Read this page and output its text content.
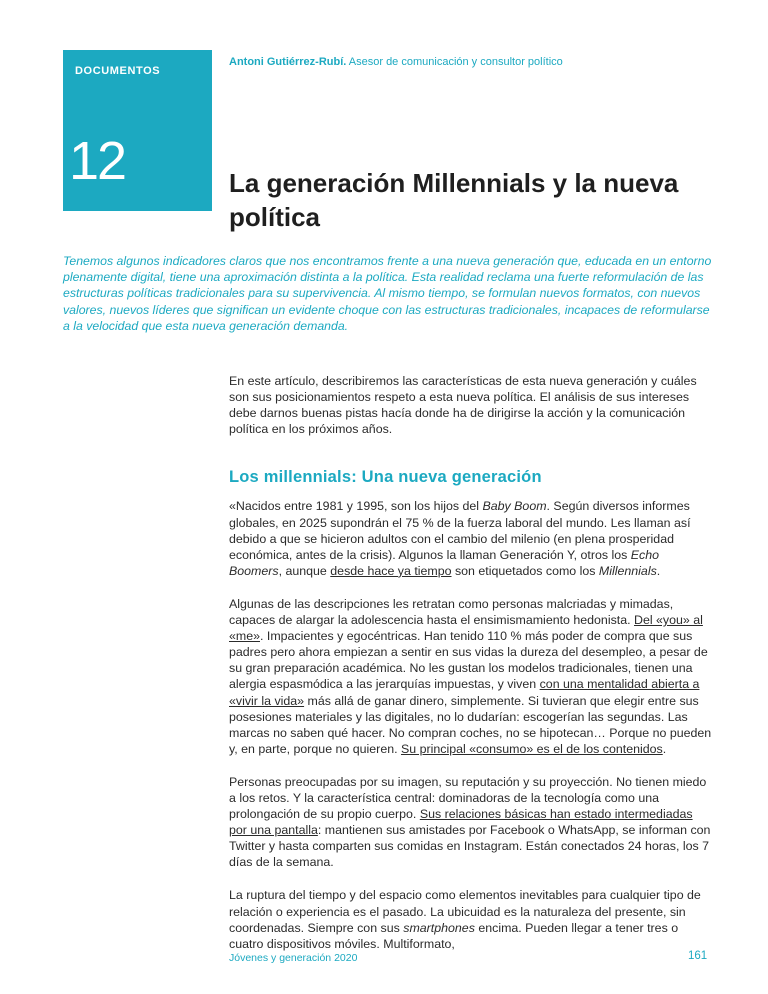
DOCUMENTOS
12
Antoni Gutiérrez-Rubí. Asesor de comunicación y consultor político
La generación Millennials y la nueva política

Tenemos algunos indicadores claros que nos encontramos frente a una nueva generación que, educada en un entorno plenamente digital, tiene una aproximación distinta a la política. Esta realidad reclama una fuerte reformulación de las estructuras políticas tradicionales para su supervivencia. Al mismo tiempo, se formulan nuevos formatos, con nuevos valores, nuevos líderes que significan un evidente choque con las estructuras tradicionales, incapaces de reformularse a la velocidad que esta nueva generación demanda.

En este artículo, describiremos las características de esta nueva generación y cuáles son sus posicionamientos respeto a esta nueva política. El análisis de sus intereses debe darnos buenas pistas hacía donde ha de dirigirse la acción y la comunicación política en los próximos años.

Los millennials: Una nueva generación

«Nacidos entre 1981 y 1995, son los hijos del Baby Boom. Según diversos informes globales, en 2025 supondrán el 75 % de la fuerza laboral del mundo. Les llaman así debido a que se hicieron adultos con el cambio del milenio (en plena prosperidad económica, antes de la crisis). Algunos la llaman Generación Y, otros los Echo Boomers, aunque desde hace ya tiempo son etiquetados como los Millennials.

Algunas de las descripciones les retratan como personas malcriadas y mimadas, capaces de alargar la adolescencia hasta el ensimismamiento hedonista. Del «you» al «me». Impacientes y egocéntricas. Han tenido 110 % más poder de compra que sus padres pero ahora empiezan a sentir en sus vidas la dureza del desempleo, a pesar de su gran preparación académica. No les gustan los modelos tradicionales, tienen una alergia espasmódica a las jerarquías impuestas, y viven con una mentalidad abierta a «vivir la vida» más allá de ganar dinero, simplemente. Si tuvieran que elegir entre sus posesiones materiales y las digitales, no lo dudarían: escogerían las segundas. Las marcas no saben qué hacer. No compran coches, no se hipotecan… Porque no pueden y, en parte, porque no quieren. Su principal «consumo» es el de los contenidos.

Personas preocupadas por su imagen, su reputación y su proyección. No tienen miedo a los retos. Y la característica central: dominadoras de la tecnología como una prolongación de su propio cuerpo. Sus relaciones básicas han estado intermediadas por una pantalla: mantienen sus amistades por Facebook o WhatsApp, se informan con Twitter y hasta comparten sus comidas en Instagram. Están conectados 24 horas, los 7 días de la semana.

La ruptura del tiempo y del espacio como elementos inevitables para cualquier tipo de relación o experiencia es el pasado. La ubicuidad es la naturaleza del presente, sin coordenadas. Siempre con sus smartphones encima. Pueden llegar a tener tres o cuatro dispositivos móviles. Multiformato,

Jóvenes y generación 2020	161
